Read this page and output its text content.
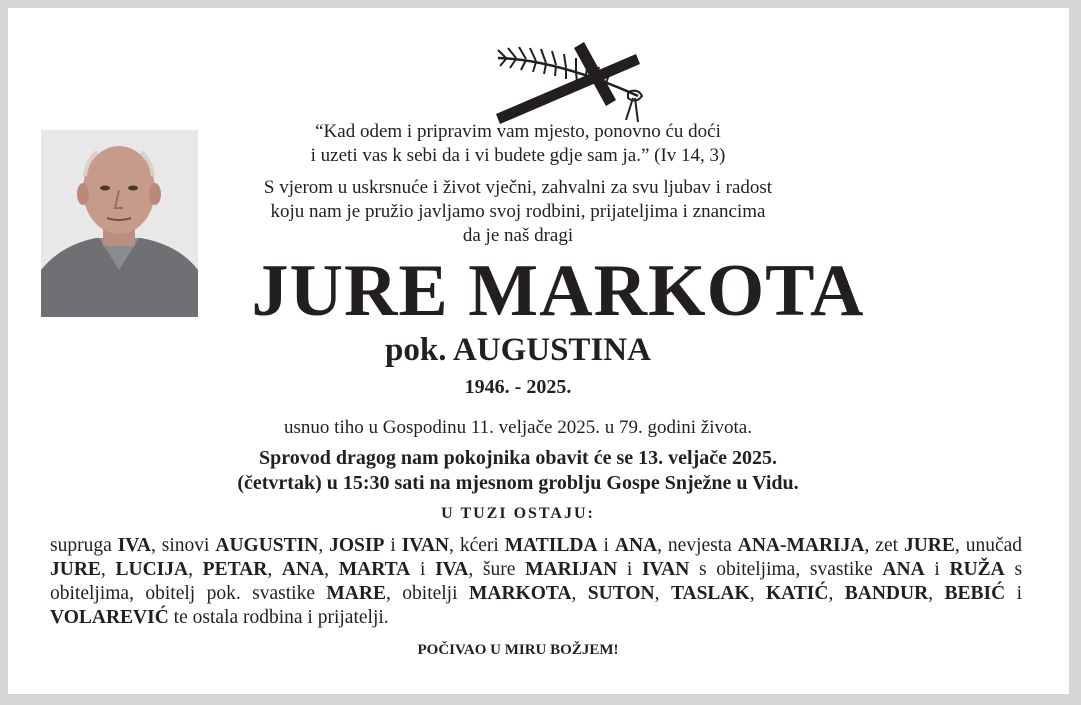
“Kad odem i pripravim vam mjesto, ponovno ću doći
i uzeti vas k sebi da i vi budete gdje sam ja.” (Iv 14, 3)
S vjerom u uskrsnuće i život vječni, zahvalni za svu ljubav i radost
koju nam je pružio javljamo svoj rodbini, prijateljima i znancima
da je naš dragi
JURE MARKOTA
pok. AUGUSTINA
1946. - 2025.
usnuo tiho u Gospodinu 11. veljače 2025. u 79. godini života.
Sprovod dragog nam pokojnika obavit će se 13. veljače 2025.
(četvrtak) u 15:30 sati na mjesnom groblju Gospe Snježne u Vidu.
U TUZI OSTAJU:
supruga IVA, sinovi AUGUSTIN, JOSIP i IVAN, kćeri MATILDA i ANA, nevjesta ANA-MARIJA, zet JURE, unučad JURE, LUCIJA, PETAR, ANA, MARTA i IVA, šure MARIJAN i IVAN s obiteljima, svastike ANA i RUŽA s obiteljima, obitelj pok. svastike MARE, obitelji MARKOTA, SUTON, TASLAK, KATIĆ, BANDUR, BEBIĆ i VOLAREVIĆ te ostala rodbina i prijatelji.
POČIVAO U MIRU BOŽJEM!
